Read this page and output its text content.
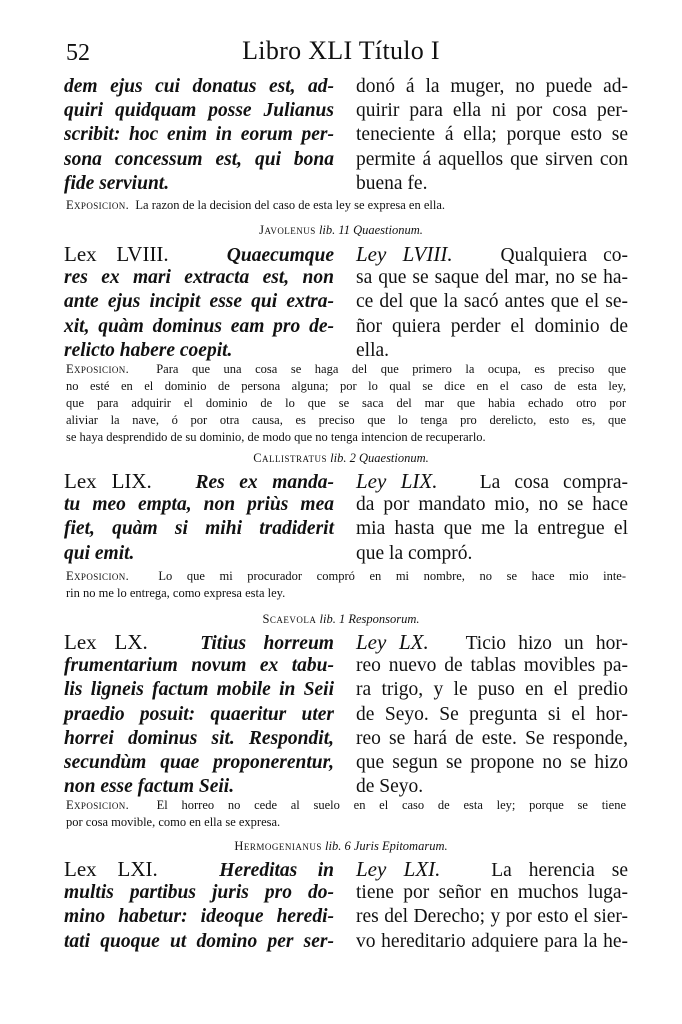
52	Libro XLI Título I
dem ejus cui donatus est, ad-
quiri quidquam posse Julianus
scribit: hoc enim in eorum per-
sona concessum est, qui bona
fide serviunt.
donó á la muger, no puede ad-
quirir para ella ni por cosa per-
teneciente á ella; porque esto se
permite á aquellos que sirven con
buena fe.
Exposicion. La razon de la decision del caso de esta ley se expresa en ella.
Javolenus lib. 11 Quaestionum.
Lex LVIII.	Quaecumque
res ex mari extracta est, non
ante ejus incipit esse qui extra-
xit, quàm dominus eam pro de-
relicto habere coepit.
Ley LVIII. Qualquiera co-
sa que se saque del mar, no se ha-
ce del que la sacó antes que el se-
ñor quiera perder el dominio de
ella.
Exposicion. Para que una cosa se haga del que primero la ocupa, es preciso que
no esté en el dominio de persona alguna; por lo qual se dice en el caso de esta ley,
que para adquirir el dominio de lo que se saca del mar que habia echado otro por
aliviar la nave, ó por otra causa, es preciso que lo tenga pro derelicto, esto es, que
se haya desprendido de su dominio, de modo que no tenga intencion de recuperarlo.
Callistratus lib. 2 Quaestionum.
Lex LIX. Res ex manda-
tu meo empta, non priùs mea
fiet, quàm si mihi tradiderit
qui emit.
Ley LIX. La cosa compra-
da por mandato mio, no se hace
mia hasta que me la entregue el
que la compró.
Exposicion. Lo que mi procurador compró en mi nombre, no se hace mio inte-
rin no me lo entrega, como expresa esta ley.
Scaevola lib. 1 Responsorum.
Lex LX.	Titius horreum
frumentarium novum ex tabu-
lis ligneis factum mobile in Seii
praedio posuit: quaeritur uter
horrei dominus sit. Respondit,
secundùm quae proponerentur,
non esse factum Seii.
Ley LX. Ticio hizo un hor-
reo nuevo de tablas movibles pa-
ra trigo, y le puso en el predio
de Seyo. Se pregunta si el hor-
reo se hará de este. Se responde,
que segun se propone no se hizo
de Seyo.
Exposicion. El horreo no cede al suelo en el caso de esta ley; porque se tiene
por cosa movible, como en ella se expresa.
Hermogenianus lib. 6 Juris Epitomarum.
Lex LXI.	Hereditas in
multis partibus juris pro do-
mino habetur: ideoque heredi-
tati quoque ut domino per ser-
Ley LXI.	La herencia se
tiene por señor en muchos luga-
res del Derecho; y por esto el sier-
vo hereditario adquiere para la he-
